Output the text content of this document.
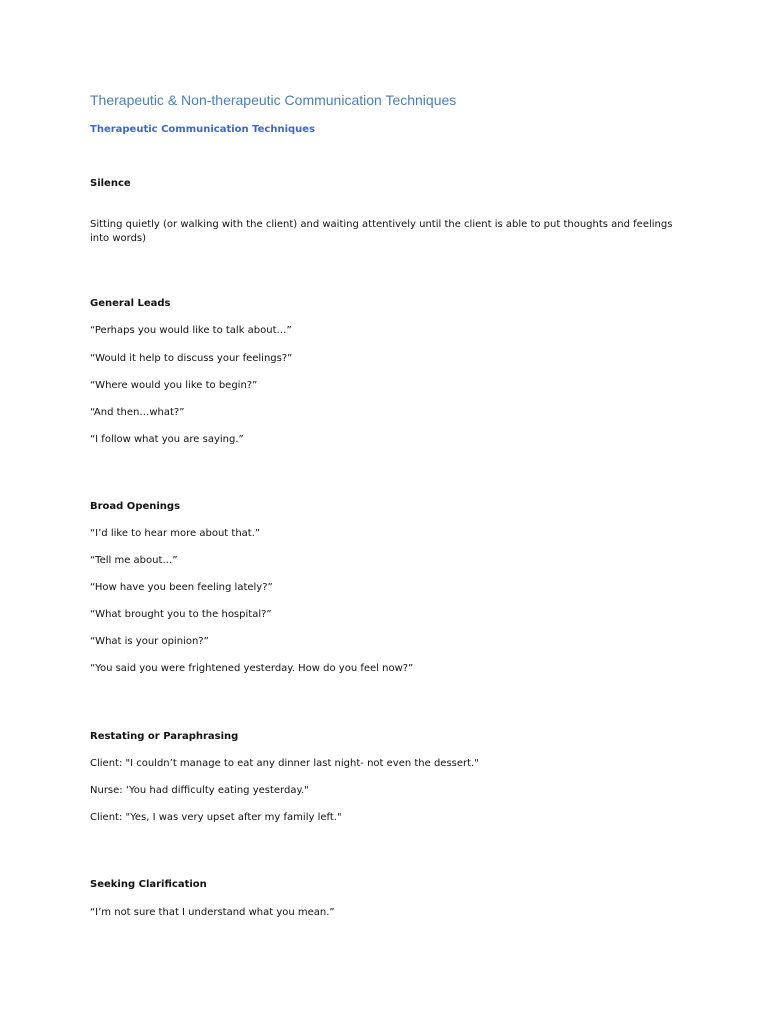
Therapeutic & Non-therapeutic Communication Techniques
Therapeutic Communication Techniques
Silence
Sitting quietly (or walking with the client) and waiting attentively until the client is able to put thoughts and feelings into words)
General Leads
“Perhaps you would like to talk about…”
“Would it help to discuss your feelings?”
“Where would you like to begin?”
“And then…what?”
“I follow what you are saying.”
Broad Openings
“I’d like to hear more about that.”
“Tell me about…”
“How have you been feeling lately?”
“What brought you to the hospital?”
“What is your opinion?”
“You said you were frightened yesterday. How do you feel now?”
Restating or Paraphrasing
Client: "I couldn’t manage to eat any dinner last night- not even the dessert."
Nurse: ‘You had difficulty eating yesterday."
Client: "Yes, I was very upset after my family left."
Seeking Clarification
“I’m not sure that I understand what you mean.”
